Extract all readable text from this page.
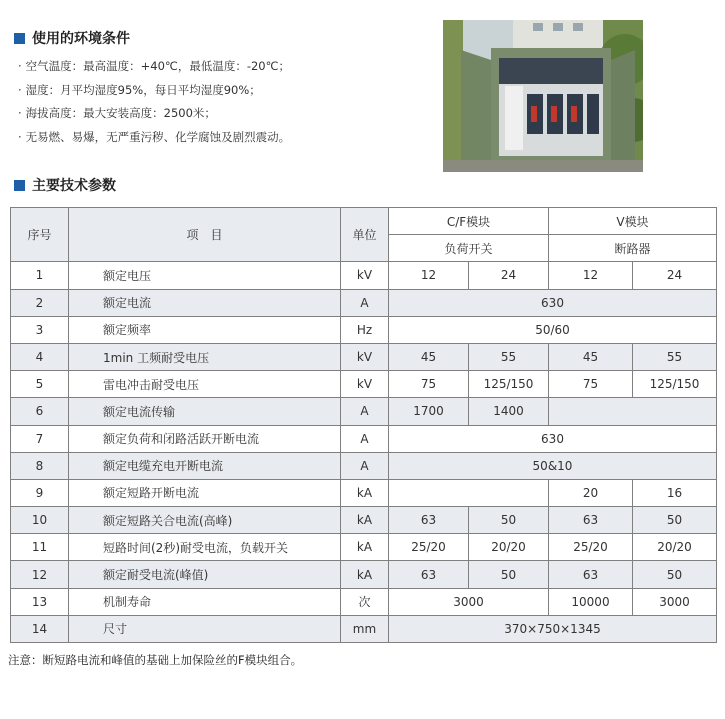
使用的环境条件
· 空气温度：最高温度：+40℃，最低温度：-20℃；
· 湿度：月平均湿度95%，每日平均湿度90%；
· 海拔高度：最大安装高度：2500米；
· 无易燃、易爆，无严重污秽、化学腐蚀及剧烈震动。
主要技术参数
序号	项　目	单位	C/F模块		V模块	
			负荷开关		断路器	
1	额定电压	kV	12	24	12	24
2	额定电流	A	630			
3	额定频率	Hz	50/60			
4	1min 工频耐受电压	kV	45	55	45	55
5	雷电冲击耐受电压	kV	75	125/150	75	125/150
6	额定电流传输	A	1700	1400		
7	额定负荷和闭路活跃开断电流	A	630			
8	额定电缆充电开断电流	A	50&10			
9	额定短路开断电流	kA			20	16
10	额定短路关合电流(高峰)	kA	63	50	63	50
11	短路时间(2秒)耐受电流，负载开关	kA	25/20	20/20	25/20	20/20
12	额定耐受电流(峰值)	kA	63	50	63	50
13	机制寿命	次	3000		10000	3000
14	尺寸	mm	370×750×1345			
注意：断短路电流和峰值的基础上加保险丝的F模块组合。
